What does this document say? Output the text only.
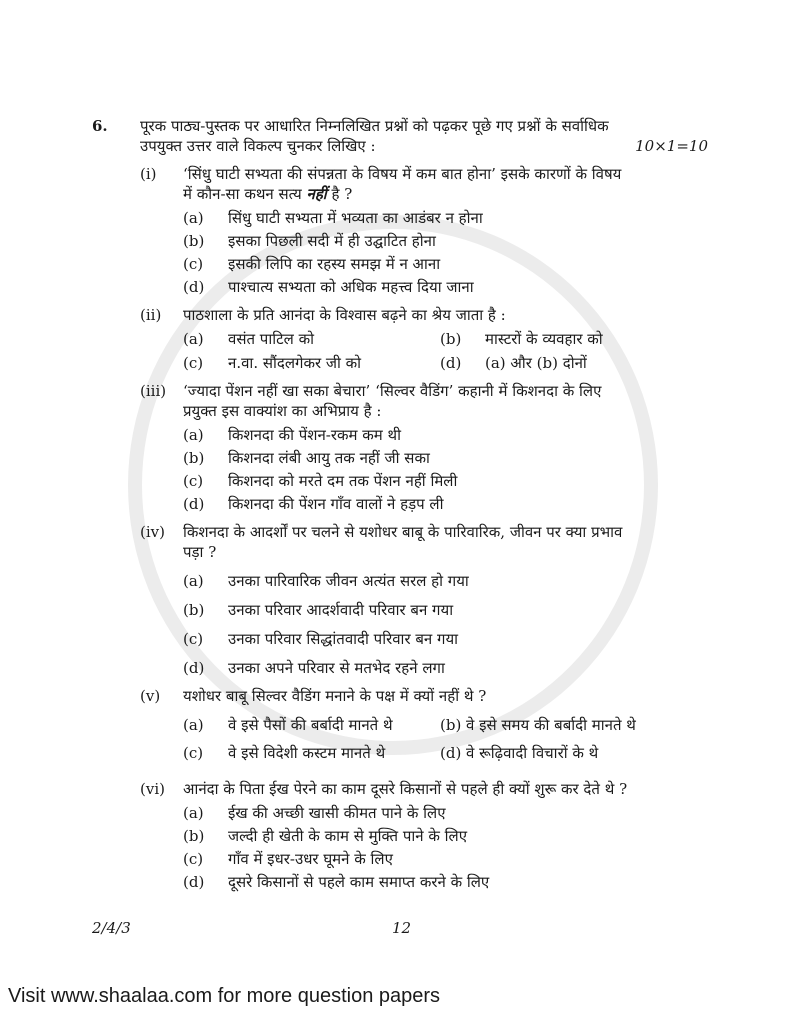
6.	पूरक पाठ्य-पुस्तक पर आधारित निम्नलिखित प्रश्नों को पढ़कर पूछे गए प्रश्नों के सर्वाधिक
उपयुक्त उत्तर वाले विकल्प चुनकर लिखिए :	10×1=10
(i)	‘सिंधु घाटी सभ्यता की संपन्नता के विषय में कम बात होना’ इसके कारणों के विषय
में कौन-सा कथन सत्य नहीं है ?
(a)	सिंधु घाटी सभ्यता में भव्यता का आडंबर न होना
(b)	इसका पिछली सदी में ही उद्घाटित होना
(c)	इसकी लिपि का रहस्य समझ में न आना
(d)	पाश्चात्य सभ्यता को अधिक महत्त्व दिया जाना
(ii)	पाठशाला के प्रति आनंदा के विश्वास बढ़ने का श्रेय जाता है :
(a)	वसंत पाटिल को	(b)	मास्टरों के व्यवहार को
(c)	न.वा. सौंदलगेकर जी को	(d)	(a) और (b) दोनों
(iii)	‘ज्यादा पेंशन नहीं खा सका बेचारा’ ‘सिल्वर वैडिंग’ कहानी में किशनदा के लिए
प्रयुक्त इस वाक्यांश का अभिप्राय है :
(a)	किशनदा की पेंशन-रकम कम थी
(b)	किशनदा लंबी आयु तक नहीं जी सका
(c)	किशनदा को मरते दम तक पेंशन नहीं मिली
(d)	किशनदा की पेंशन गाँव वालों ने हड़प ली
(iv)	किशनदा के आदर्शों पर चलने से यशोधर बाबू के पारिवारिक, जीवन पर क्या प्रभाव
पड़ा ?
(a)	उनका पारिवारिक जीवन अत्यंत सरल हो गया
(b)	उनका परिवार आदर्शवादी परिवार बन गया
(c)	उनका परिवार सिद्धांतवादी परिवार बन गया
(d)	उनका अपने परिवार से मतभेद रहने लगा
(v)	यशोधर बाबू सिल्वर वैडिंग मनाने के पक्ष में क्यों नहीं थे ?
(a)	वे इसे पैसों की बर्बादी मानते थे	(b) वे इसे समय की बर्बादी मानते थे
(c)	वे इसे विदेशी कस्टम मानते थे	(d) वे रूढ़िवादी विचारों के थे
(vi)	आनंदा के पिता ईख पेरने का काम दूसरे किसानों से पहले ही क्यों शुरू कर देते थे ?
(a)	ईख की अच्छी खासी कीमत पाने के लिए
(b)	जल्दी ही खेती के काम से मुक्ति पाने के लिए
(c)	गाँव में इधर-उधर घूमने के लिए
(d)	दूसरे किसानों से पहले काम समाप्त करने के लिए
2/4/3	12
Visit www.shaalaa.com for more question papers
